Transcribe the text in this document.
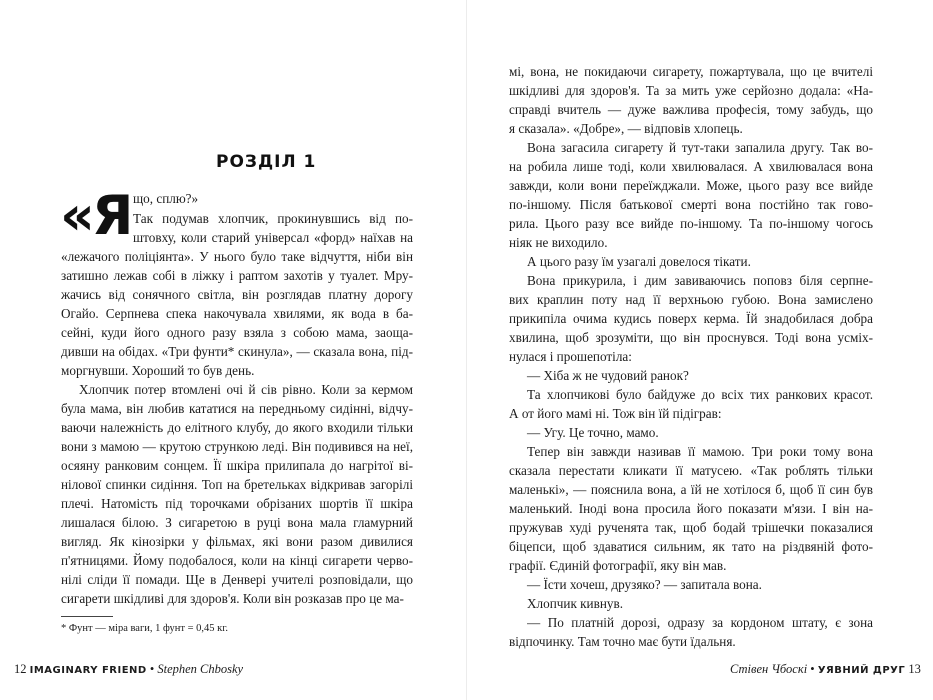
РОЗДІЛ 1
«Я що, сплю?»
Так подумав хлопчик, прокинувшись від по-
штовху, коли старий універсал «форд» наїхав на
«лежачого поліціянта». У нього було таке відчуття, ніби він
затишно лежав собі в ліжку і раптом захотів у туалет. Мру-
жачись від сонячного світла, він розглядав платну дорогу
Огайо. Серпнева спека накочувала хвилями, як вода в ба-
сейні, куди його одного разу взяла з собою мама, заоща-
дивши на обідах. «Три фунти* скинула», — сказала вона, під-
моргнувши. Хороший то був день.
Хлопчик потер втомлені очі й сів рівно. Коли за кермом
була мама, він любив кататися на передньому сидінні, відчу-
ваючи належність до елітного клубу, до якого входили тільки
вони з мамою — крутою стрункою леді. Він подивився на неї,
осяяну ранковим сонцем. Її шкіра прилипала до нагрітої ві-
нілової спинки сидіння. Топ на бретельках відкривав загорілі
плечі. Натомість під торочками обрізаних шортів її шкіра
лишалася білою. З сигаретою в руці вона мала гламурний
вигляд. Як кінозірки у фільмах, які вони разом дивилися
п'ятницями. Йому подобалося, коли на кінці сигарети черво-
нілі сліди її помади. Ще в Денвері учителі розповідали, що
сигарети шкідливі для здоров'я. Коли він розказав про це ма-
* Фунт — міра ваги, 1 фунт = 0,45 кг.
12 IMAGINARY FRIEND • Stephen Chbosky
мі, вона, не покидаючи сигарету, пожартувала, що це вчителі
шкідливі для здоров'я. Та за мить уже серйозно додала: «На-
справді вчитель — дуже важлива професія, тому забудь, що
я сказала». «Добре», — відповів хлопець.
Вона загасила сигарету й тут-таки запалила другу. Так во-
на робила лише тоді, коли хвилювалася. А хвилювалася вона
завжди, коли вони переїжджали. Може, цього разу все вийде
по-іншому. Після батькової смерті вона постійно так гово-
рила. Цього разу все вийде по-іншому. Та по-іншому чогось
ніяк не виходило.
А цього разу їм узагалі довелося тікати.
Вона прикурила, і дим завиваючись поповз біля серпне-
вих краплин поту над її верхньою губою. Вона замислено
прикипіла очима кудись поверх керма. Їй знадобилася добра
хвилина, щоб зрозуміти, що він проснувся. Тоді вона усміх-
нулася і прошепотіла:
— Хіба ж не чудовий ранок?
Та хлопчикові було байдуже до всіх тих ранкових красот.
А от його мамі ні. Тож він їй підіграв:
— Угу. Це точно, мамо.
Тепер він завжди називав її мамою. Три роки тому вона
сказала перестати кликати її матусею. «Так роблять тільки
маленькі», — пояснила вона, а їй не хотілося б, щоб її син був
маленький. Іноді вона просила його показати м'язи. І він на-
пружував худі рученята так, щоб бодай трішечки показалися
біцепси, щоб здаватися сильним, як тато на різдвяній фото-
графії. Єдиній фотографії, яку він мав.
— Їсти хочеш, друзяко? — запитала вона.
Хлопчик кивнув.
— По платній дорозі, одразу за кордоном штату, є зона
відпочинку. Там точно має бути їдальня.
Стівен Чбоскі • УЯВНИЙ ДРУГ 13
